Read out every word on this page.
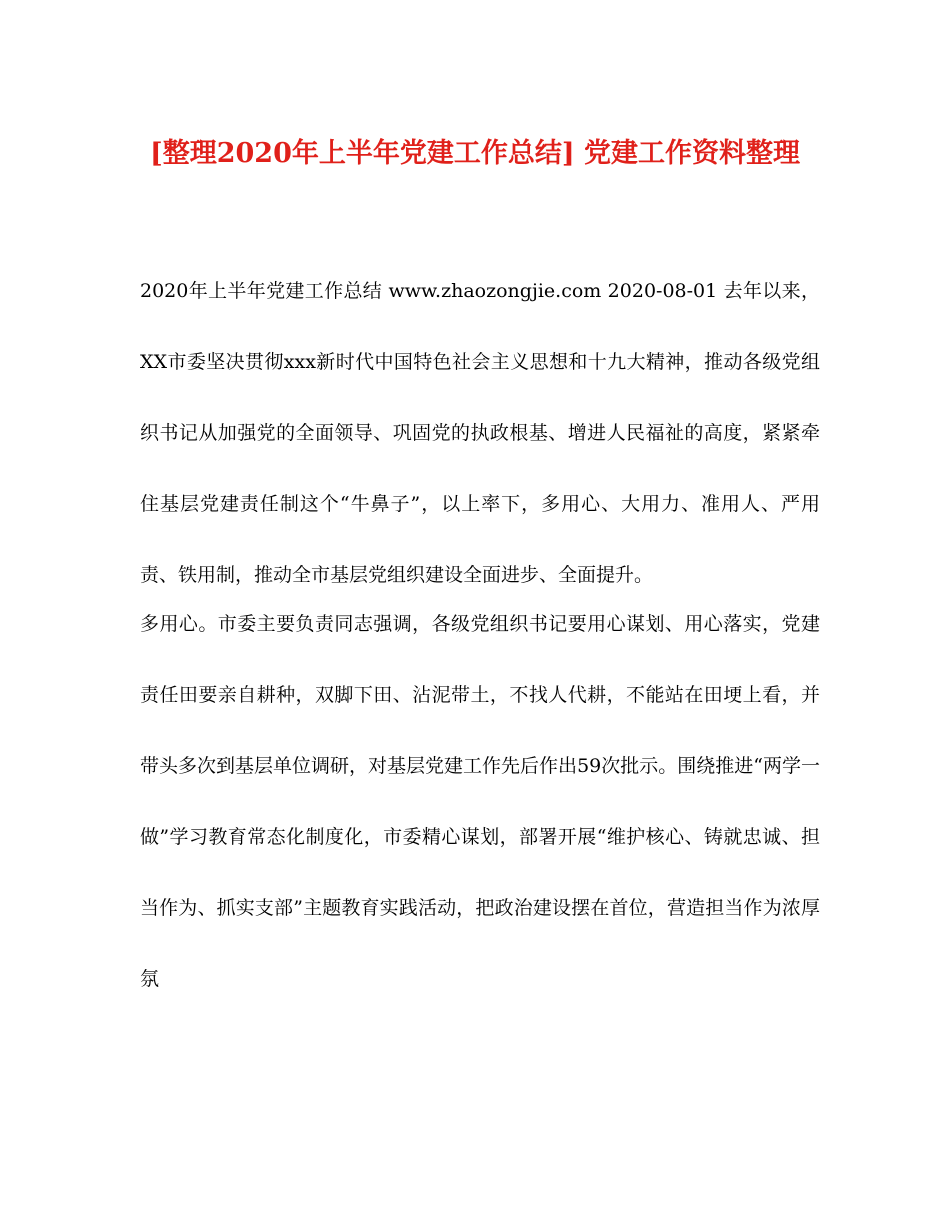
[整理2020年上半年党建工作总结] 党建工作资料整理

2020年上半年党建工作总结 www.zhaozongjie.com 2020-08-01 去年以来，XX市委坚决贯彻xxx新时代中国特色社会主义思想和十九大精神，推动各级党组织书记从加强党的全面领导、巩固党的执政根基、增进人民福祉的高度，紧紧牵住基层党建责任制这个“牛鼻子”，以上率下，多用心、大用力、准用人、严用责、铁用制，推动全市基层党组织建设全面进步、全面提升。

多用心。市委主要负责同志强调，各级党组织书记要用心谋划、用心落实，党建责任田要亲自耕种，双脚下田、沾泥带土，不找人代耕，不能站在田埂上看，并带头多次到基层单位调研，对基层党建工作先后作出59次批示。围绕推进“两学一做”学习教育常态化制度化，市委精心谋划，部署开展“维护核心、铸就忠诚、担当作为、抓实支部”主题教育实践活动，把政治建设摆在首位，营造担当作为浓厚氛
